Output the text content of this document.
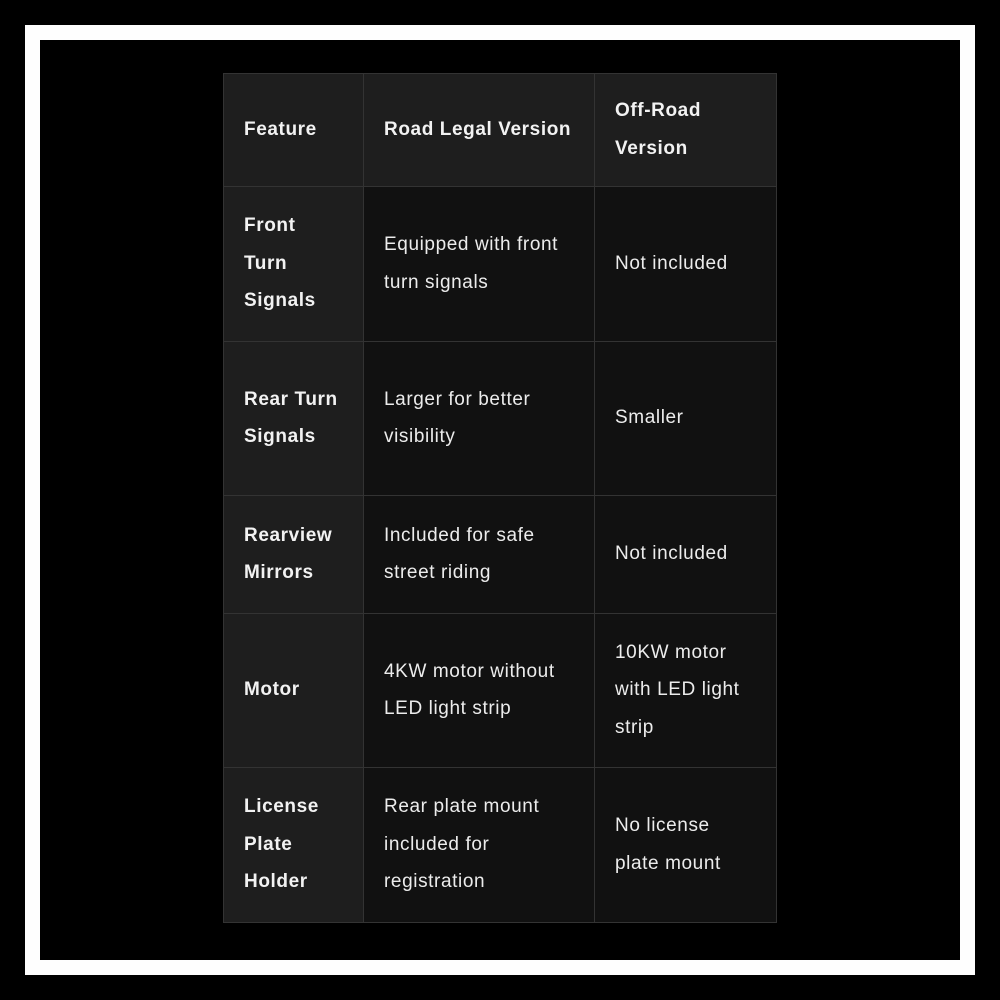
Feature	Road Legal Version	Off-Road Version
Front Turn Signals	Equipped with front turn signals	Not included
Rear Turn Signals	Larger for better visibility	Smaller
Rearview Mirrors	Included for safe street riding	Not included
Motor	4KW motor without LED light strip	10KW motor with LED light strip
License Plate Holder	Rear plate mount included for registration	No license plate mount
